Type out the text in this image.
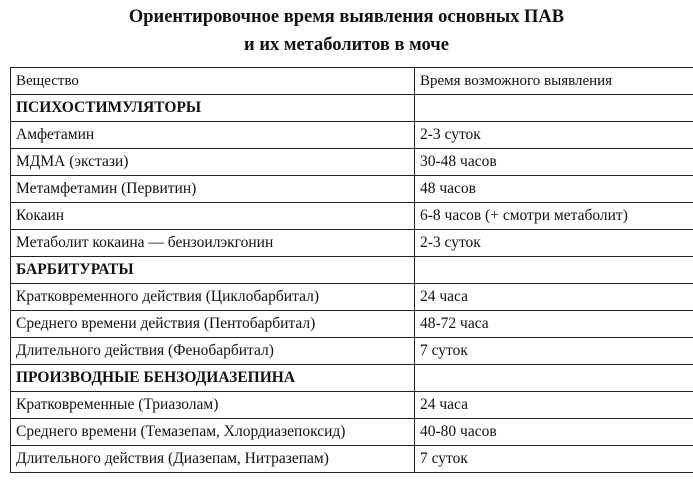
Ориентировочное время выявления основных ПАВ
и их метаболитов в моче
Вещество	Время возможного выявления
ПСИХОСТИМУЛЯТОРЫ	
Амфетамин	2-3 суток
МДМА (экстази)	30-48 часов
Метамфетамин (Первитин)	48 часов
Кокаин	6-8 часов (+ смотри метаболит)
Метаболит кокаина — бензоилэкгонин	2-3 суток
БАРБИТУРАТЫ	
Кратковременного действия (Циклобарбитал)	24 часа
Среднего времени действия (Пентобарбитал)	48-72 часа
Длительного действия (Фенобарбитал)	7 суток
ПРОИЗВОДНЫЕ БЕНЗОДИАЗЕПИНА	
Кратковременные (Триазолам)	24 часа
Среднего времени (Темазепам, Хлордиазепоксид)	40-80 часов
Длительного действия (Диазепам, Нитразепам)	7 суток
